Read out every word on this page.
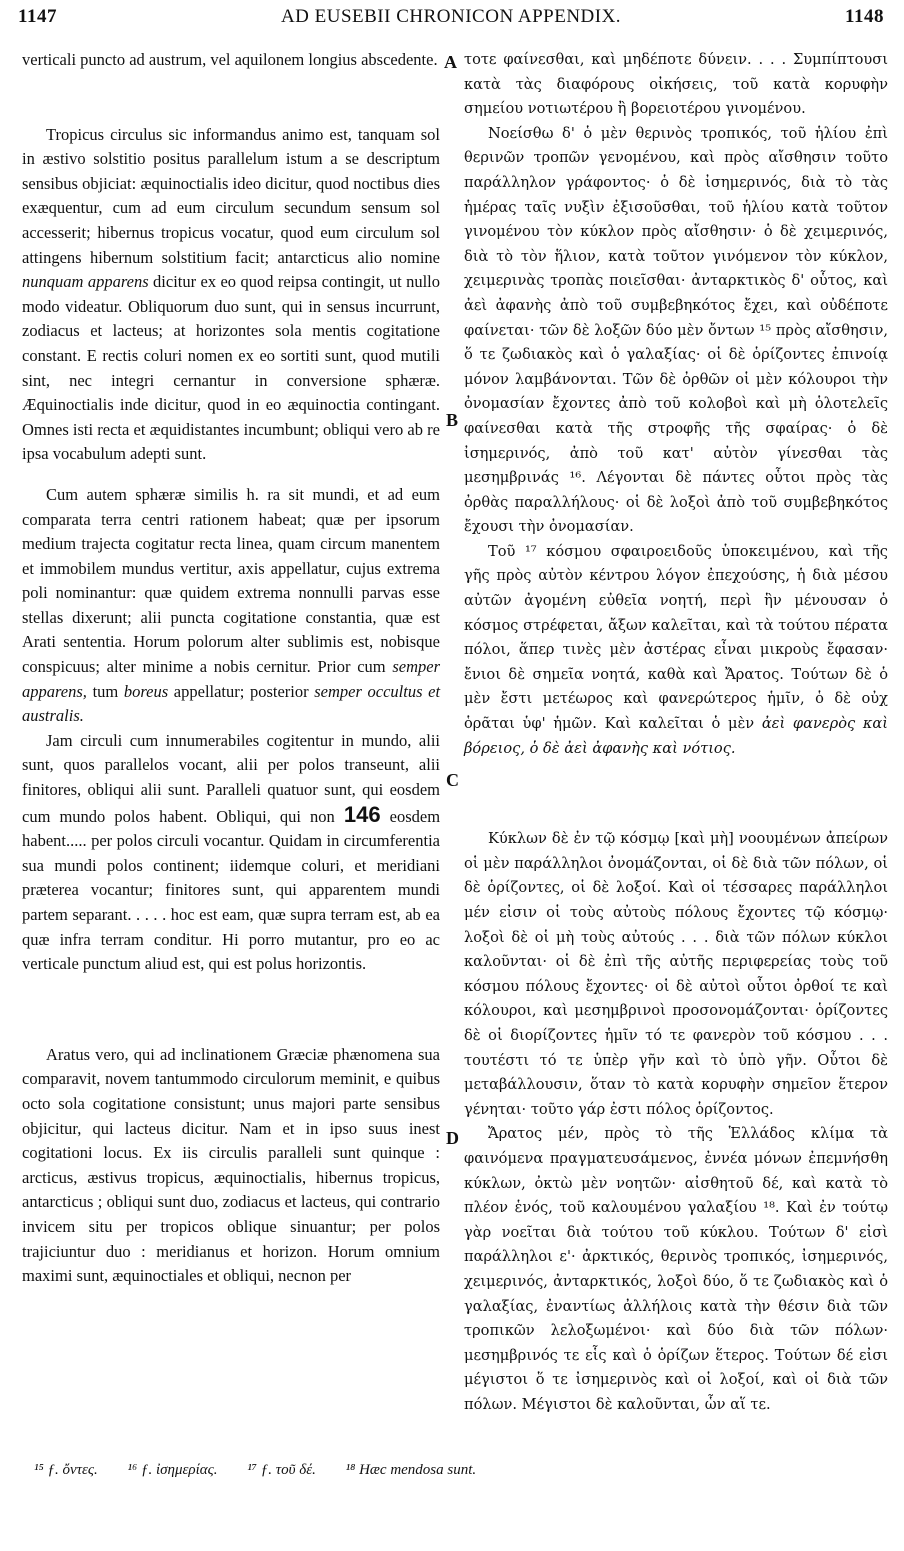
1147	AD EUSEBII CHRONICON APPENDIX.	1148
A
B
C
D

verticali puncto ad austrum, vel aquilonem longius abscedente.

Tropicus circulus sic informandus animo est, tanquam sol in æstivo solstitio positus parallelum istum a se descriptum sensibus objiciat: æquinoctialis ideo dicitur, quod noctibus dies exæquentur, cum ad eum circulum secundum sensum sol accesserit; hibernus tropicus vocatur, quod eum circulum sol attingens hibernum solstitium facit; antarcticus alio nomine nunquam apparens dicitur ex eo quod reipsa contingit, ut nullo modo videatur. Obliquorum duo sunt, qui in sensus incurrunt, zodiacus et lacteus; at horizontes sola mentis cogitatione constant. E rectis coluri nomen ex eo sortiti sunt, quod mutili sint, nec integri cernantur in conversione sphæræ. Æquinoctialis inde dicitur, quod in eo æquinoctia contingant. Omnes isti recta et æquidistantes incumbunt; obliqui vero ab re ipsa vocabulum adepti sunt.

Cum autem sphæræ similis h. ra sit mundi, et ad eum comparata terra centri rationem habeat; quæ per ipsorum medium trajecta cogitatur recta linea, quam circum manentem et immobilem mundus vertitur, axis appellatur, cujus extrema poli nominantur: quæ quidem extrema nonnulli parvas esse stellas dixerunt; alii puncta cogitatione constantia, quæ est Arati sententia. Horum polorum alter sublimis est, nobisque conspicuus; alter minime a nobis cernitur. Prior cum semper apparens, tum boreus appellatur; posterior semper occultus et australis.

Jam circuli cum innumerabiles cogitentur in mundo, alii sunt, quos parallelos vocant, alii per polos transeunt, alii finitores, obliqui alii sunt. Paralleli quatuor sunt, qui eosdem cum mundo polos habent. Obliqui, qui non 146 eosdem habent..... per polos circuli vocantur. Quidam in circumferentia sua mundi polos continent; iidemque coluri, et meridiani præterea vocantur; finitores sunt, qui apparentem mundi partem separant. . . . . hoc est eam, quæ supra terram est, ab ea quæ infra terram conditur. Hi porro mutantur, pro eo ac verticale punctum aliud est, qui est polus horizontis.

Aratus vero, qui ad inclinationem Græciæ phænomena sua comparavit, novem tantummodo circulorum meminit, e quibus octo sola cogitatione consistunt; unus majori parte sensibus objicitur, qui lacteus dicitur. Nam et in ipso suus inest cogitationi locus. Ex iis circulis paralleli sunt quinque : arcticus, æstivus tropicus, æquinoctialis, hibernus tropicus, antarcticus ; obliqui sunt duo, zodiacus et lacteus, qui contrario invicem situ per tropicos oblique sinuantur; per polos trajiciuntur duo : meridianus et horizon. Horum omnium maximi sunt, æquinoctiales et obliqui, necnon per

τοτε φαίνεσθαι, καὶ μηδέποτε δύνειν. . . . Συμπίπτουσι κατὰ τὰς διαφόρους οἰκήσεις, τοῦ κατὰ κορυφὴν σημείου νοτιωτέρου ἢ βορειοτέρου γινομένου.

Νοείσθω δ' ὁ μὲν θερινὸς τροπικός, τοῦ ἡλίου ἐπὶ θερινῶν τροπῶν γενομένου, καὶ πρὸς αἴσθησιν τοῦτο παράλληλον γράφοντος· ὁ δὲ ἰσημερινός, διὰ τὸ τὰς ἡμέρας ταῖς νυξὶν ἐξισοῦσθαι, τοῦ ἡλίου κατὰ τοῦτον γινομένου τὸν κύκλον πρὸς αἴσθησιν· ὁ δὲ χειμερινός, διὰ τὸ τὸν ἥλιον, κατὰ τοῦτον γινόμενον τὸν κύκλον, χειμερινὰς τροπὰς ποιεῖσθαι· ἀνταρκτικὸς δ' οὗτος, καὶ ἀεὶ ἀφανὴς ἀπὸ τοῦ συμβεβηκότος ἔχει, καὶ οὐδέποτε φαίνεται· τῶν δὲ λοξῶν δύο μὲν ὄντων ¹⁵ πρὸς αἴσθησιν, ὅ τε ζωδιακὸς καὶ ὁ γαλαξίας· οἱ δὲ ὁρίζοντες ἐπινοίᾳ μόνον λαμβάνονται. Τῶν δὲ ὀρθῶν οἱ μὲν κόλουροι τὴν ὀνομασίαν ἔχοντες ἀπὸ τοῦ κολοβοὶ καὶ μὴ ὁλοτελεῖς φαίνεσθαι κατὰ τῆς στροφῆς τῆς σφαίρας· ὁ δὲ ἰσημερινός, ἀπὸ τοῦ κατ' αὐτὸν γίνεσθαι τὰς μεσημβρινάς ¹⁶. Λέγονται δὲ πάντες οὗτοι πρὸς τὰς ὀρθὰς παραλλήλους· οἱ δὲ λοξοὶ ἀπὸ τοῦ συμβεβηκότος ἔχουσι τὴν ὀνομασίαν.

Τοῦ ¹⁷ κόσμου σφαιροειδοῦς ὑποκειμένου, καὶ τῆς γῆς πρὸς αὐτὸν κέντρου λόγον ἐπεχούσης, ἡ διὰ μέσου αὐτῶν ἀγομένη εὐθεῖα νοητή, περὶ ἣν μένουσαν ὁ κόσμος στρέφεται, ἄξων καλεῖται, καὶ τὰ τούτου πέρατα πόλοι, ἅπερ τινὲς μὲν ἀστέρας εἶναι μικροὺς ἔφασαν· ἔνιοι δὲ σημεῖα νοητά, καθὰ καὶ Ἄρατος. Τούτων δὲ ὁ μὲν ἔστι μετέωρος καὶ φανερώτερος ἡμῖν, ὁ δὲ οὐχ ὁρᾶται ὑφ' ἡμῶν. Καὶ καλεῖται ὁ μὲν ἀεὶ φανερὸς καὶ βόρειος, ὁ δὲ ἀεὶ ἀφανὴς καὶ νότιος.

Κύκλων δὲ ἐν τῷ κόσμῳ [καὶ μὴ] νοουμένων ἀπείρων οἱ μὲν παράλληλοι ὀνομάζονται, οἱ δὲ διὰ τῶν πόλων, οἱ δὲ ὁρίζοντες, οἱ δὲ λοξοί. Καὶ οἱ τέσσαρες παράλληλοι μέν εἰσιν οἱ τοὺς αὐτοὺς πόλους ἔχοντες τῷ κόσμῳ· λοξοὶ δὲ οἱ μὴ τοὺς αὐτούς . . . διὰ τῶν πόλων κύκλοι καλοῦνται· οἱ δὲ ἐπὶ τῆς αὐτῆς περιφερείας τοὺς τοῦ κόσμου πόλους ἔχοντες· οἱ δὲ αὐτοὶ οὗτοι ὀρθοί τε καὶ κόλουροι, καὶ μεσημβρινοὶ προσονομάζονται· ὁρίζοντες δὲ οἱ διορίζοντες ἡμῖν τό τε φανερὸν τοῦ κόσμου . . . τουτέστι τό τε ὑπὲρ γῆν καὶ τὸ ὑπὸ γῆν. Οὗτοι δὲ μεταβάλλουσιν, ὅταν τὸ κατὰ κορυφὴν σημεῖον ἕτερον γένηται· τοῦτο γάρ ἐστι πόλος ὁρίζοντος.

Ἄρατος μέν, πρὸς τὸ τῆς Ἑλλάδος κλίμα τὰ φαινόμενα πραγματευσάμενος, ἐννέα μόνων ἐπεμνήσθη κύκλων, ὀκτὼ μὲν νοητῶν· αἰσθητοῦ δέ, καὶ κατὰ τὸ πλέον ἑνός, τοῦ καλουμένου γαλαξίου ¹⁸. Καὶ ἐν τούτῳ γὰρ νοεῖται διὰ τούτου τοῦ κύκλου. Τούτων δ' εἰσὶ παράλληλοι ε'· ἀρκτικός, θερινὸς τροπικός, ἰσημερινός, χειμερινός, ἀνταρκτικός, λοξοὶ δύο, ὅ τε ζωδιακὸς καὶ ὁ γαλαξίας, ἐναντίως ἀλλήλοις κατὰ τὴν θέσιν διὰ τῶν τροπικῶν λελοξωμένοι· καὶ δύο διὰ τῶν πόλων· μεσημβρινός τε εἷς καὶ ὁ ὁρίζων ἕτερος. Τούτων δέ εἰσι μέγιστοι ὅ τε ἰσημερινὸς καὶ οἱ λοξοί, καὶ οἱ διὰ τῶν πόλων. Μέγιστοι δὲ καλοῦνται, ὧν αἵ τε.

¹⁵ ƒ. ὄντες. ¹⁶ ƒ. ἰσημερίας. ¹⁷ ƒ. τοῦ δέ. ¹⁸ Hæc mendosa sunt.
